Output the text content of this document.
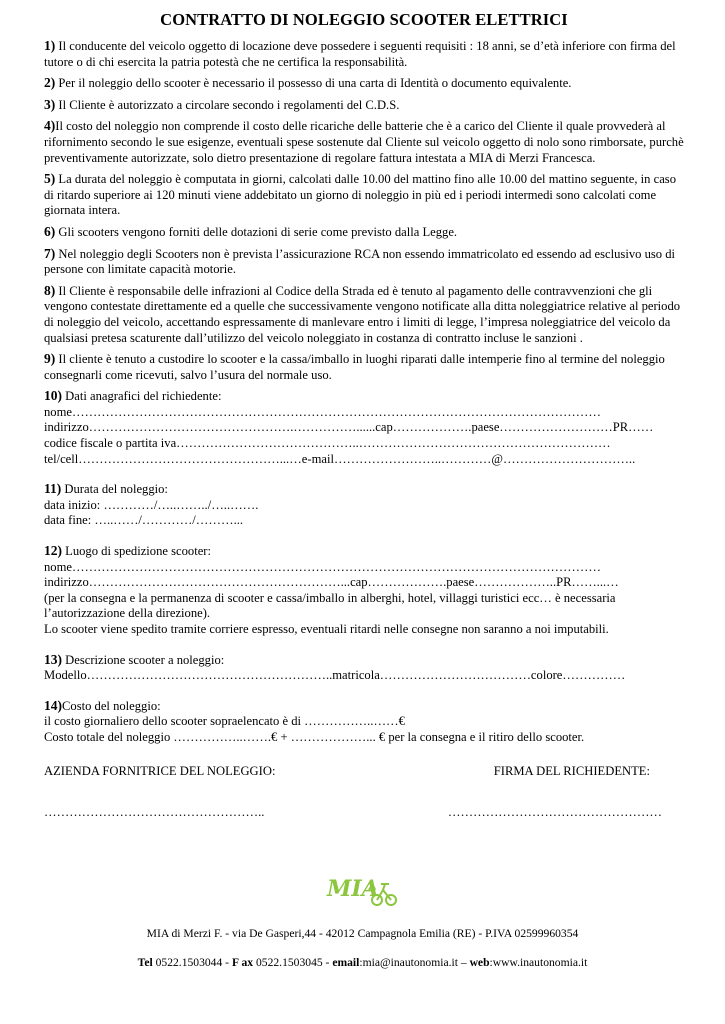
CONTRATTO DI NOLEGGIO SCOOTER ELETTRICI
1) Il conducente del veicolo oggetto di locazione deve possedere i seguenti requisiti : 18 anni, se d’età inferiore con firma del tutore o di chi esercita la patria potestà che ne certifica la responsabilità.
2) Per il noleggio dello scooter è necessario il possesso di una carta di Identità o documento equivalente.
3) Il Cliente è autorizzato a circolare secondo i regolamenti del C.D.S.
4)Il costo del noleggio non comprende il costo delle ricariche delle batterie che è a carico del Cliente il quale provvederà al rifornimento secondo le sue esigenze, eventuali spese sostenute dal Cliente sul veicolo oggetto di nolo sono rimborsate, purchè preventivamente autorizzate, solo dietro presentazione di regolare fattura intestata a MIA di Merzi Francesca.
5) La durata del noleggio è computata in giorni, calcolati dalle 10.00 del mattino fino alle 10.00 del mattino seguente, in caso di ritardo superiore ai 120 minuti viene addebitato un giorno di noleggio in più ed i periodi intermedi sono calcolati come giornata intera.
6) Gli scooters vengono forniti delle dotazioni di serie come previsto dalla Legge.
7) Nel noleggio degli Scooters non è prevista l’assicurazione RCA non essendo immatricolato ed essendo ad esclusivo uso di persone con limitate capacità motorie.
8) Il Cliente è responsabile delle infrazioni al Codice della Strada ed è tenuto al pagamento delle contravvenzioni che gli vengono contestate direttamente ed a quelle che successivamente vengono notificate alla ditta noleggiatrice relative al periodo di noleggio del veicolo, accettando espressamente di manlevare entro i limiti di legge, l’impresa noleggiatrice del veicolo da qualsiasi pretesa scaturente dall’utilizzo del veicolo noleggiato in costanza di contratto incluse le sanzioni .
9) Il cliente è tenuto a custodire lo scooter e la cassa/imballo in luoghi riparati dalle intemperie fino al termine del noleggio consegnarli come ricevuti, salvo l’usura del normale uso.
10) Dati anagrafici del richiedente:
nome………………………………………………………………………………………………………………
indirizzo………………………………………….……………......cap……………….paese………………………PR……
codice fiscale o partita iva……………………………………..……………………………………………………
tel/cell…………………………………………...…e-mail……………………..…………@…………………………..
11) Durata del noleggio:
data inizio: …………/…..……../…..…….
data fine: …..……/…………/………...
12) Luogo di spedizione scooter:
nome………………………………………………………………………………………………………………
indirizzo……………………………………………………...cap……………….paese………………..PR……...…
(per la consegna e la permanenza di scooter e cassa/imballo in alberghi, hotel, villaggi turistici ecc… è necessaria
l’autorizzazione della direzione).
Lo scooter viene spedito tramite corriere espresso, eventuali ritardi nelle consegne non saranno a noi imputabili.
13) Descrizione scooter a noleggio:
Modello…………………………………………………..matricola………………………………colore……………
14)Costo del noleggio:
il costo giornaliero dello scooter sopraelencato è di ……………..……€
Costo totale del noleggio ……………..…….€ + ………………... € per la consegna e il ritiro dello scooter.
AZIENDA FORNITRICE DEL NOLEGGIO:	FIRMA DEL RICHIEDENTE:
……………………………………………..	……………………………………………
MIA
MIA di Merzi F. - via De Gasperi,44 - 42012 Campagnola Emilia (RE) - P.IVA 02599960354
Tel 0522.1503044 - F ax 0522.1503045 - email:mia@inautonomia.it – web:www.inautonomia.it
